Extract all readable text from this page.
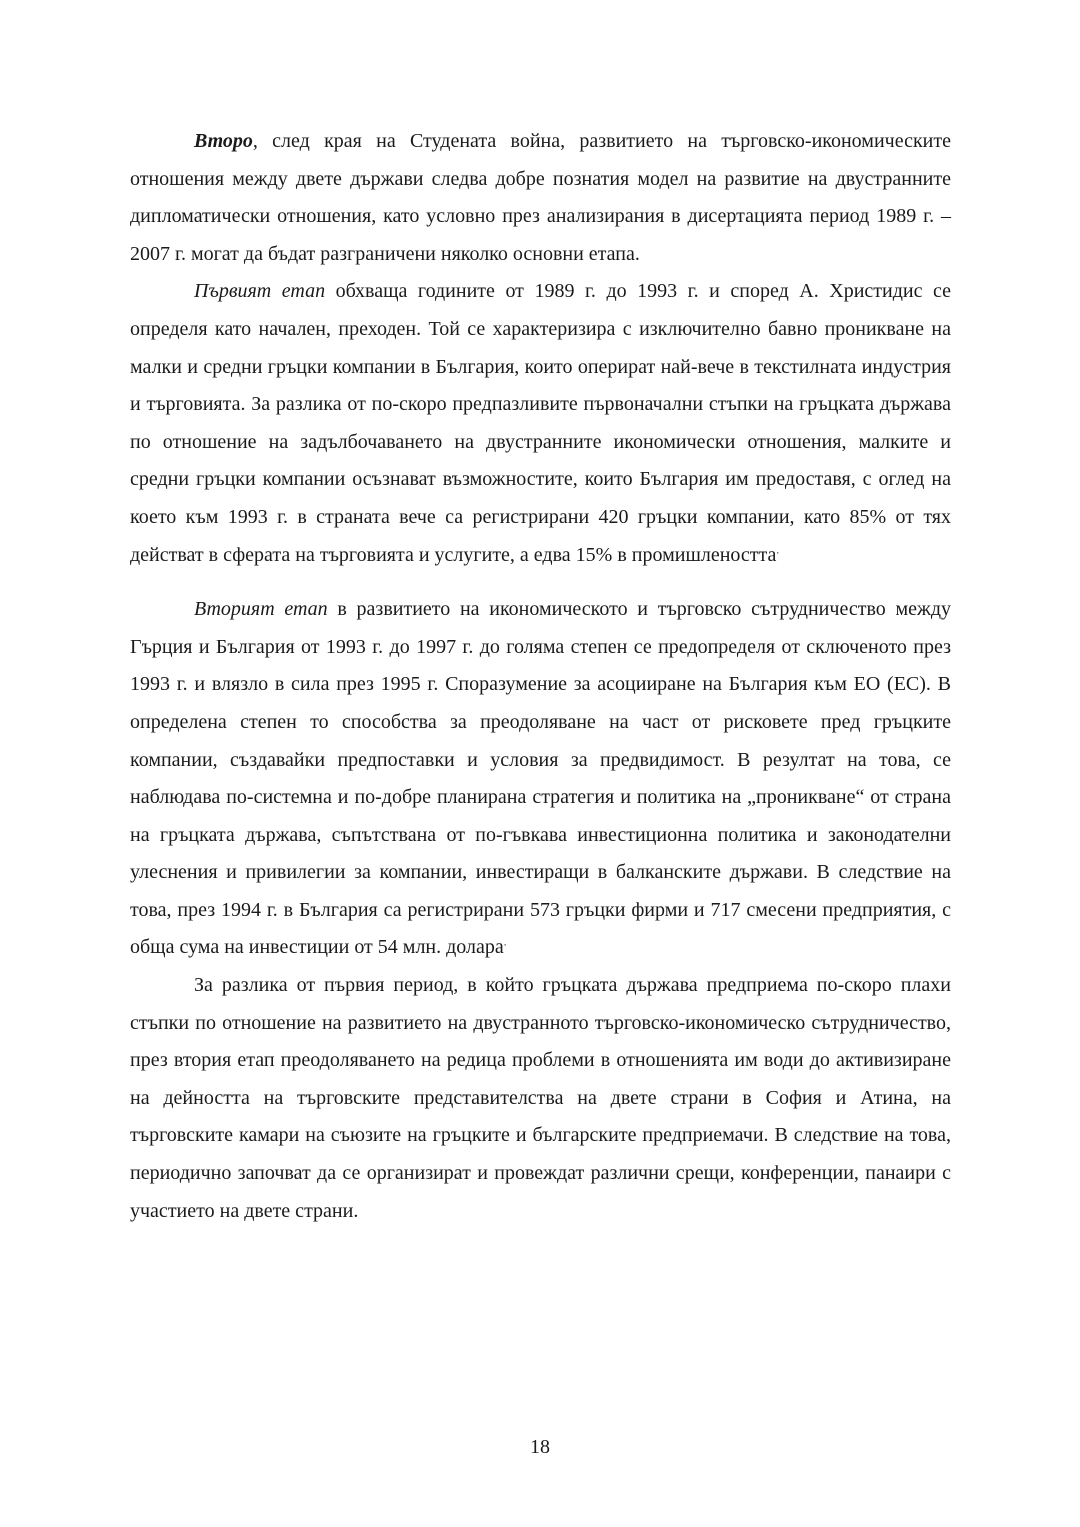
Второ, след края на Студената война, развитието на търговско-икономическите отношения между двете държави следва добре познатия модел на развитие на двустранните дипломатически отношения, като условно през анализирания в дисертацията период 1989 г. – 2007 г. могат да бъдат разграничени няколко основни етапа.

Първият етап обхваща годините от 1989 г. до 1993 г. и според А. Христидис се определя като начален, преходен. Той се характеризира с изключително бавно проникване на малки и средни гръцки компании в България, които оперират най-вече в текстилната индустрия и търговията. За разлика от по-скоро предпазливите първоначални стъпки на гръцката държава по отношение на задълбочаването на двустранните икономически отношения, малките и средни гръцки компании осъзнават възможностите, които България им предоставя, с оглед на което към 1993 г. в страната вече са регистрирани 420 гръцки компании, като 85% от тях действат в сферата на търговията и услугите, а едва 15% в промишлеността.

Вторият етап в развитието на икономическото и търговско сътрудничество между Гърция и България от 1993 г. до 1997 г. до голяма степен се предопределя от сключеното през 1993 г. и влязло в сила през 1995 г. Споразумение за асоцииране на България към ЕО (ЕС). В определена степен то способства за преодоляване на част от рисковете пред гръцките компании, създавайки предпоставки и условия за предвидимост. В резултат на това, се наблюдава по-системна и по-добре планирана стратегия и политика на „проникване“ от страна на гръцката държава, съпътствана от по-гъвкава инвестиционна политика и законодателни улеснения и привилегии за компании, инвестиращи в балканските държави. В следствие на това, през 1994 г. в България са регистрирани 573 гръцки фирми и 717 смесени предприятия, с обща сума на инвестиции от 54 млн. долара.

За разлика от първия период, в който гръцката държава предприема по-скоро плахи стъпки по отношение на развитието на двустранното търговско-икономическо сътрудничество, през втория етап преодоляването на редица проблеми в отношенията им води до активизиране на дейността на търговските представителства на двете страни в София и Атина, на търговските камари на съюзите на гръцките и българските предприемачи. В следствие на това, периодично започват да се организират и провеждат различни срещи, конференции, панаири с участието на двете страни.

18
